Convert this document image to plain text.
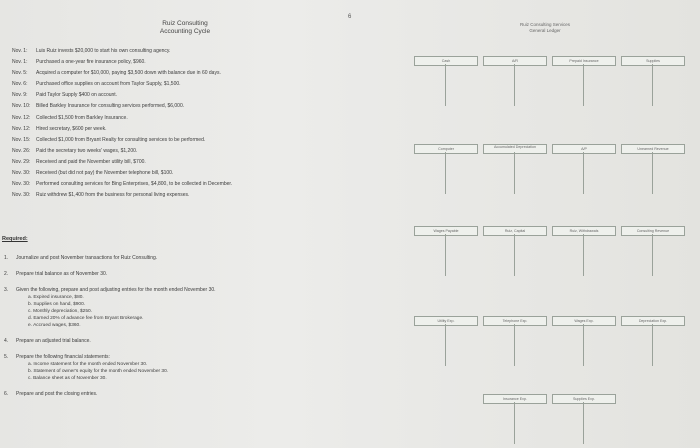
Ruiz Consulting
Accounting Cycle
Nov. 1: Luis Ruiz invests $20,000 to start his own consulting agency.
Nov. 1: Purchased a one-year fire insurance policy, $960.
Nov. 5: Acquired a computer for $10,000, paying $3,500 down with balance due in 60 days.
Nov. 6: Purchased office supplies on account from Taylor Supply, $1,500.
Nov. 9: Paid Taylor Supply $400 on account.
Nov. 10: Billed Barkley Insurance for consulting services performed, $6,000.
Nov. 12: Collected $1,500 from Barkley Insurance.
Nov. 12: Hired secretary, $600 per week.
Nov. 15: Collected $1,000 from Bryant Realty for consulting services to be performed.
Nov. 26: Paid the secretary two weeks' wages, $1,200.
Nov. 29: Received and paid the November utility bill, $700.
Nov. 30: Received (but did not pay) the November telephone bill, $100.
Nov. 30: Performed consulting services for Bing Enterprises, $4,800, to be collected in December.
Nov. 30: Ruiz withdrew $1,400 from the business for personal living expenses.
Required:
1. Journalize and post November transactions for Ruiz Consulting.
2. Prepare trial balance as of November 30.
3. Given the following, prepare and post adjusting entries for the month ended November 30.
a. Expired insurance, $80.
b. Supplies on hand, $900.
c. Monthly depreciation, $250.
d. Earned 20% of advance fee from Bryant Brokerage.
e. Accrued wages, $360.
4. Prepare an adjusted trial balance.
5. Prepare the following financial statements:
a. Income statement for the month ended November 30.
b. Statement of owner's equity for the month ended November 30.
c. Balance sheet as of November 30.
6. Prepare and post the closing entries.
6
Ruiz Consulting Services
General Ledger
Cash	A/R	Prepaid Insurance	Supplies
Computer	Accumulated Depreciation	A/P	Unearned Revenue
Wages Payable	Ruiz, Capital	Ruiz, Withdrawals	Consulting Revenue
Utility Exp.	Telephone Exp.	Wages Exp.	Depreciation Exp.
Insurance Exp.	Supplies Exp.
